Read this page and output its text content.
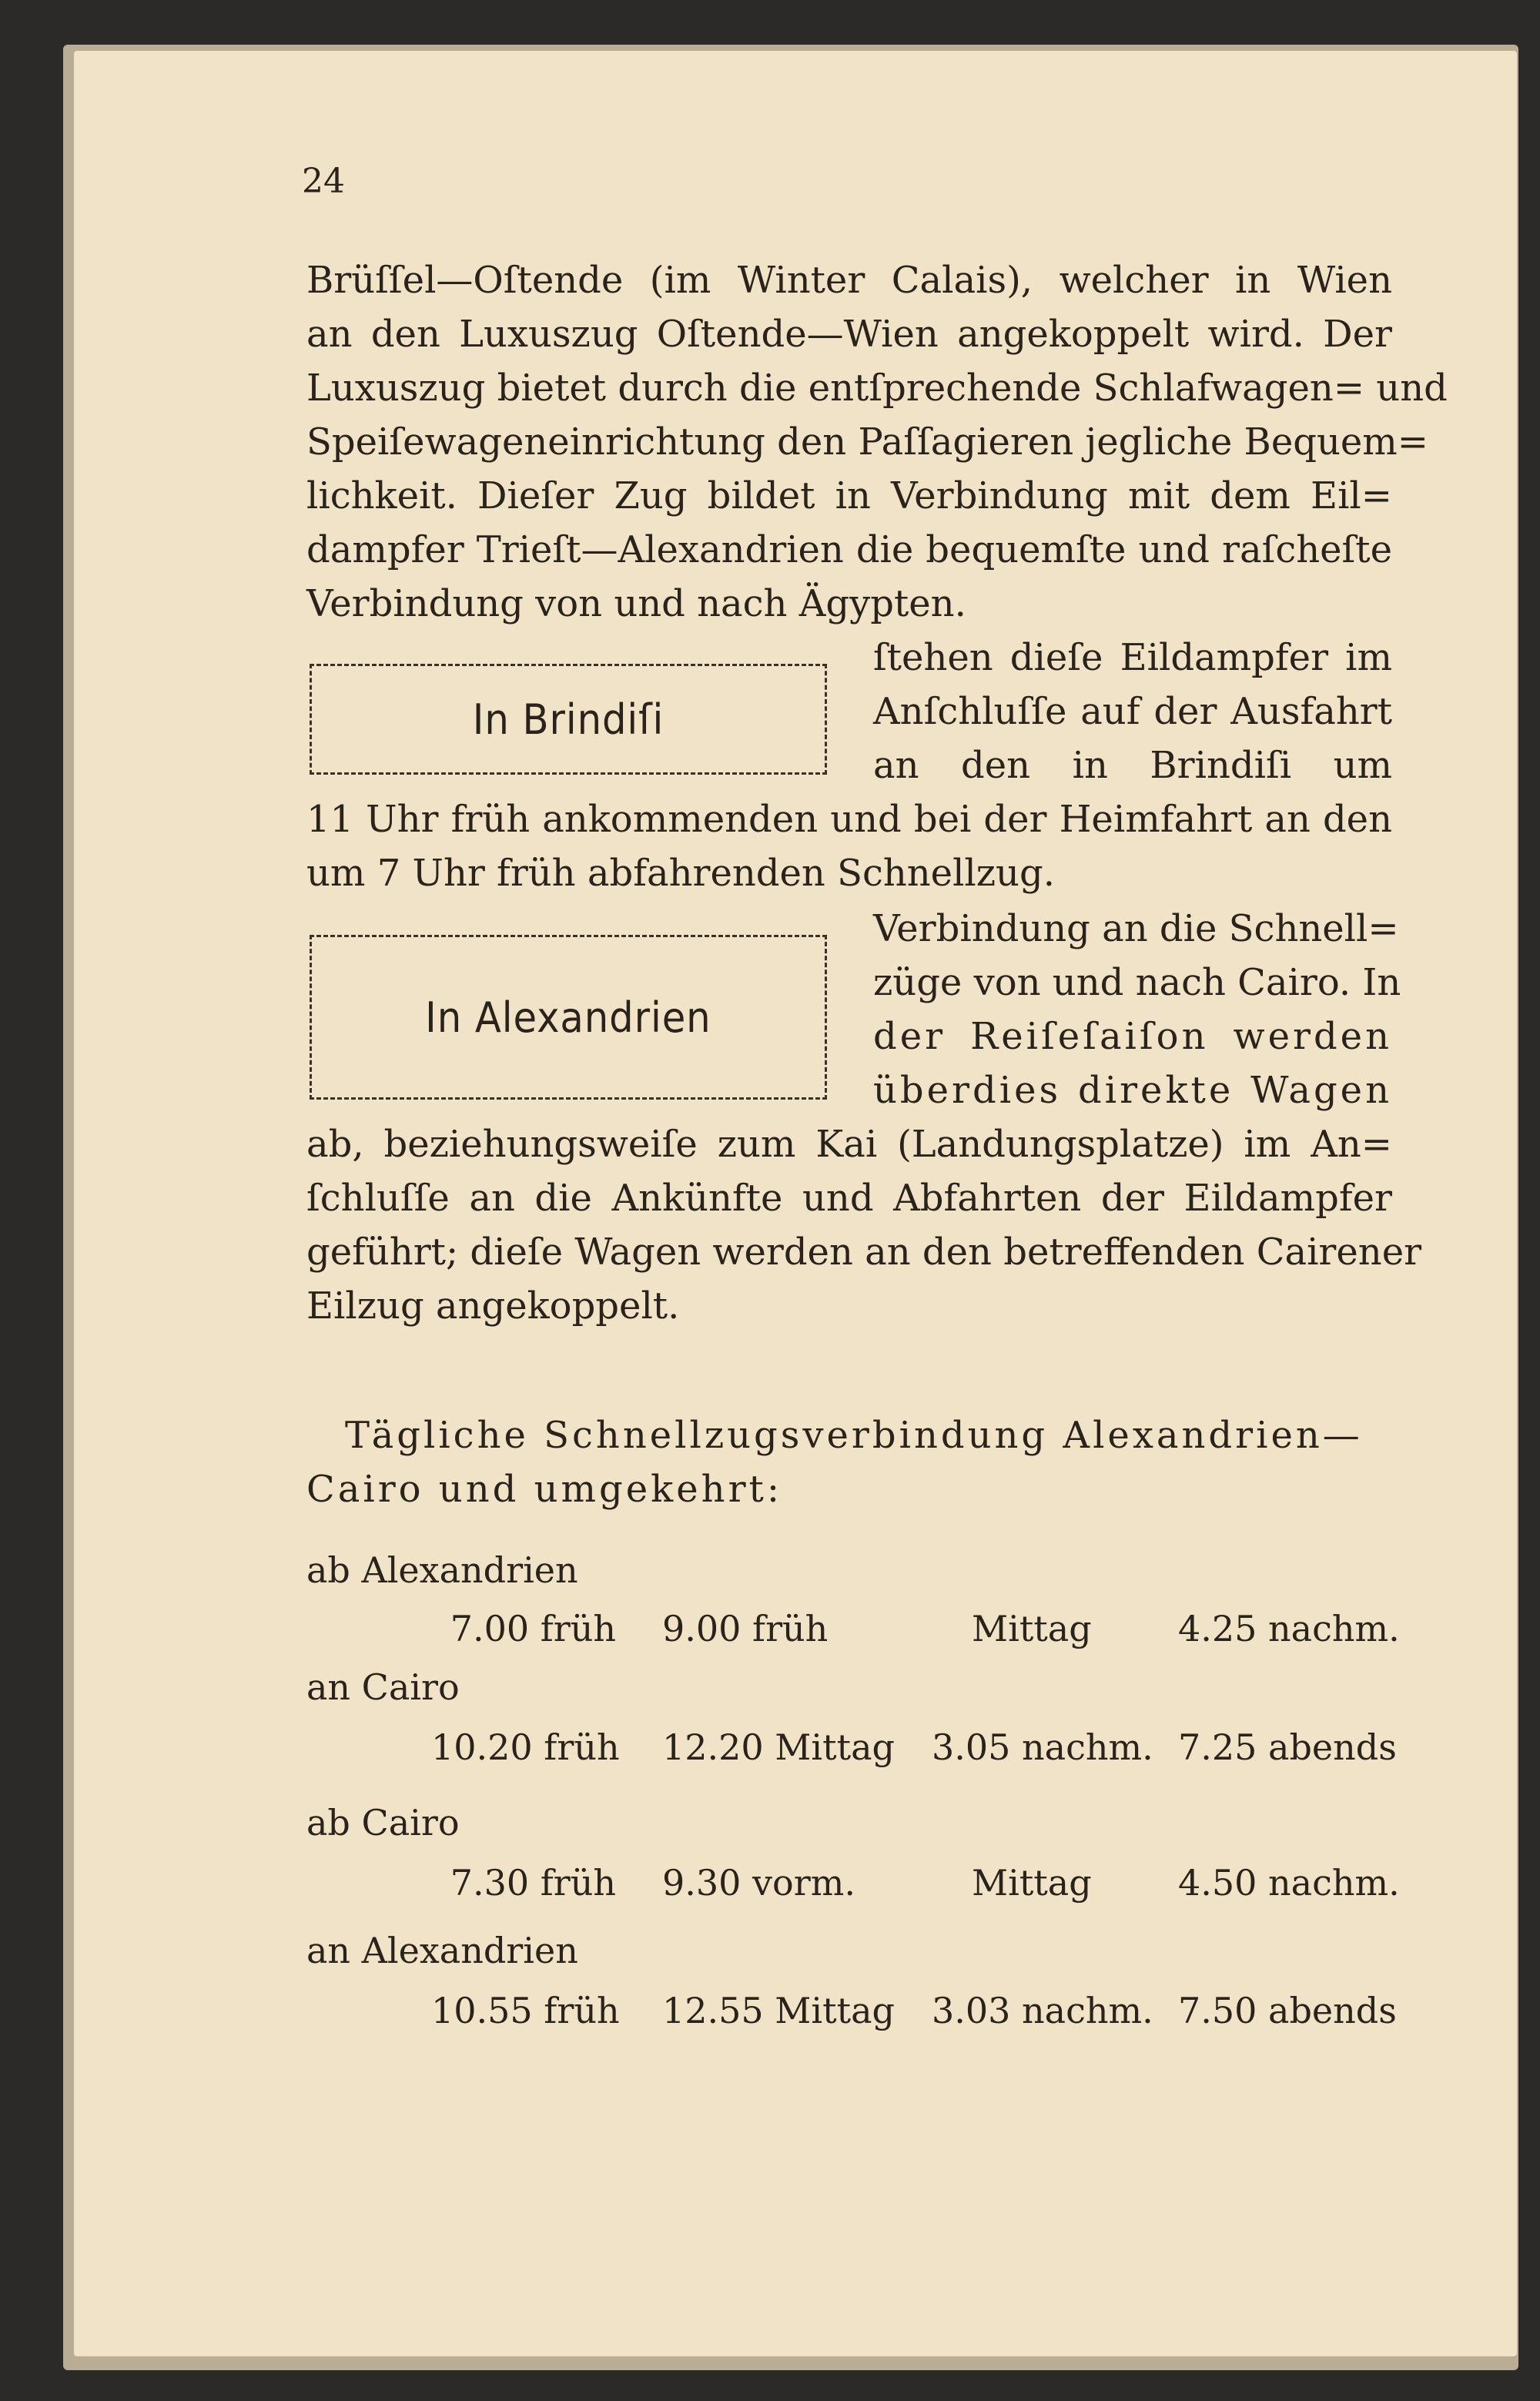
24
Brüſſel—Oſtende (im Winter Calais), welcher in Wien
an den Luxuszug Oſtende—Wien angekoppelt wird. Der
Luxuszug bietet durch die entſprechende Schlafwagen= und
Speiſewageneinrichtung den Paſſagieren jegliche Bequem=
lichkeit. Dieſer Zug bildet in Verbindung mit dem Eil=
dampfer Trieſt—Alexandrien die bequemſte und raſcheſte
Verbindung von und nach Ägypten.
In Brindiſi
ſtehen dieſe Eildampfer im
Anſchluſſe auf der Ausfahrt
an den in Brindiſi um
11 Uhr früh ankommenden und bei der Heimfahrt an den
um 7 Uhr früh abfahrenden Schnellzug.
In Alexandrien
Verbindung an die Schnell=
züge von und nach Cairo. In
der Reiſeſaiſon werden
überdies direkte Wagen
ab, beziehungsweiſe zum Kai (Landungsplatze) im An=
ſchluſſe an die Ankünfte und Abfahrten der Eildampfer
geführt; dieſe Wagen werden an den betreffenden Cairener
Eilzug angekoppelt.
Tägliche Schnellzugsverbindung Alexandrien—
Cairo und umgekehrt:
ab Alexandrien
7.00 früh 9.00 früh	Mittag	4.25 nachm.
an Cairo
10.20 früh 12.20 Mittag 3.05 nachm. 7.25 abends
ab Cairo
7.30 früh 9.30 vorm.	Mittag	4.50 nachm.
an Alexandrien
10.55 früh 12.55 Mittag 3.03 nachm. 7.50 abends
